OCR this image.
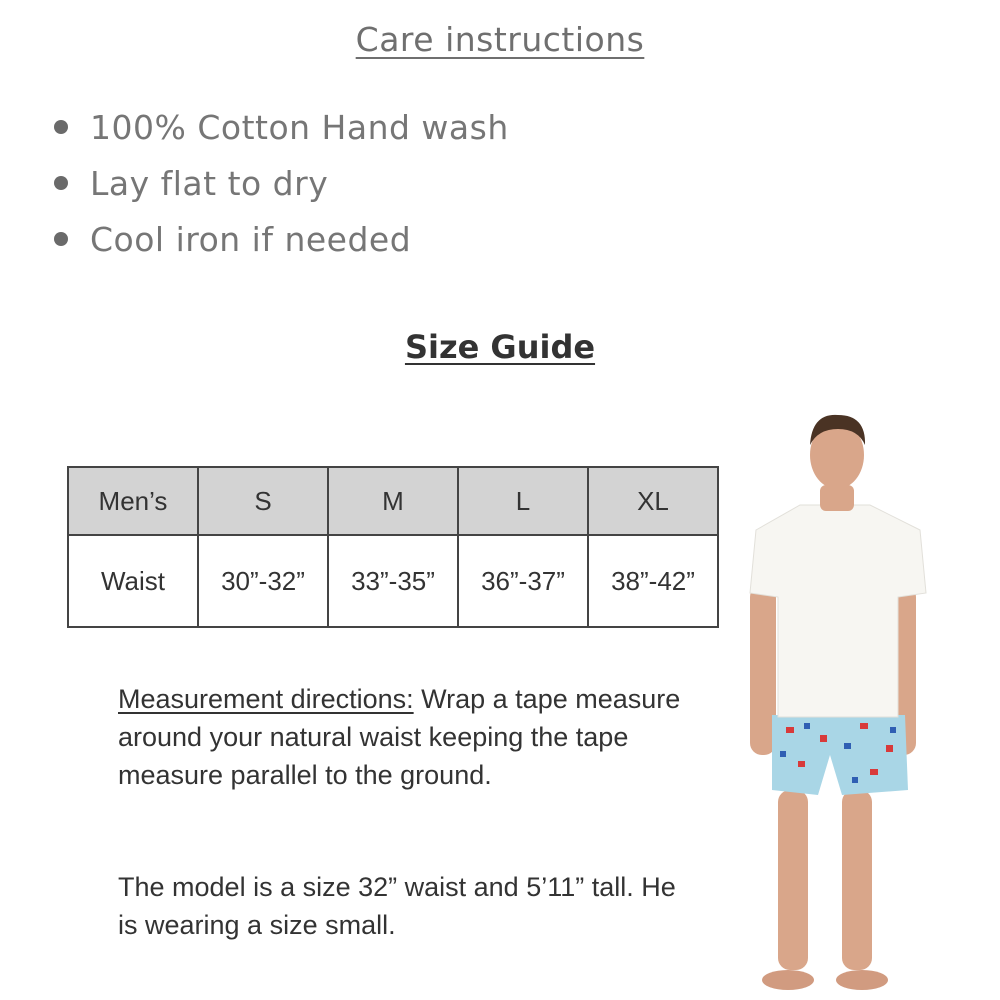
Care instructions
100% Cotton Hand wash
Lay flat to dry
Cool iron if needed
Size Guide
Men’s	S	M	L	XL
Waist	30”-32”	33”-35”	36”-37”	38”-42”
Measurement directions: Wrap a tape measure around your natural waist keeping the tape measure parallel to the ground.
The model is a size 32” waist and 5’11” tall. He is wearing a size small.
